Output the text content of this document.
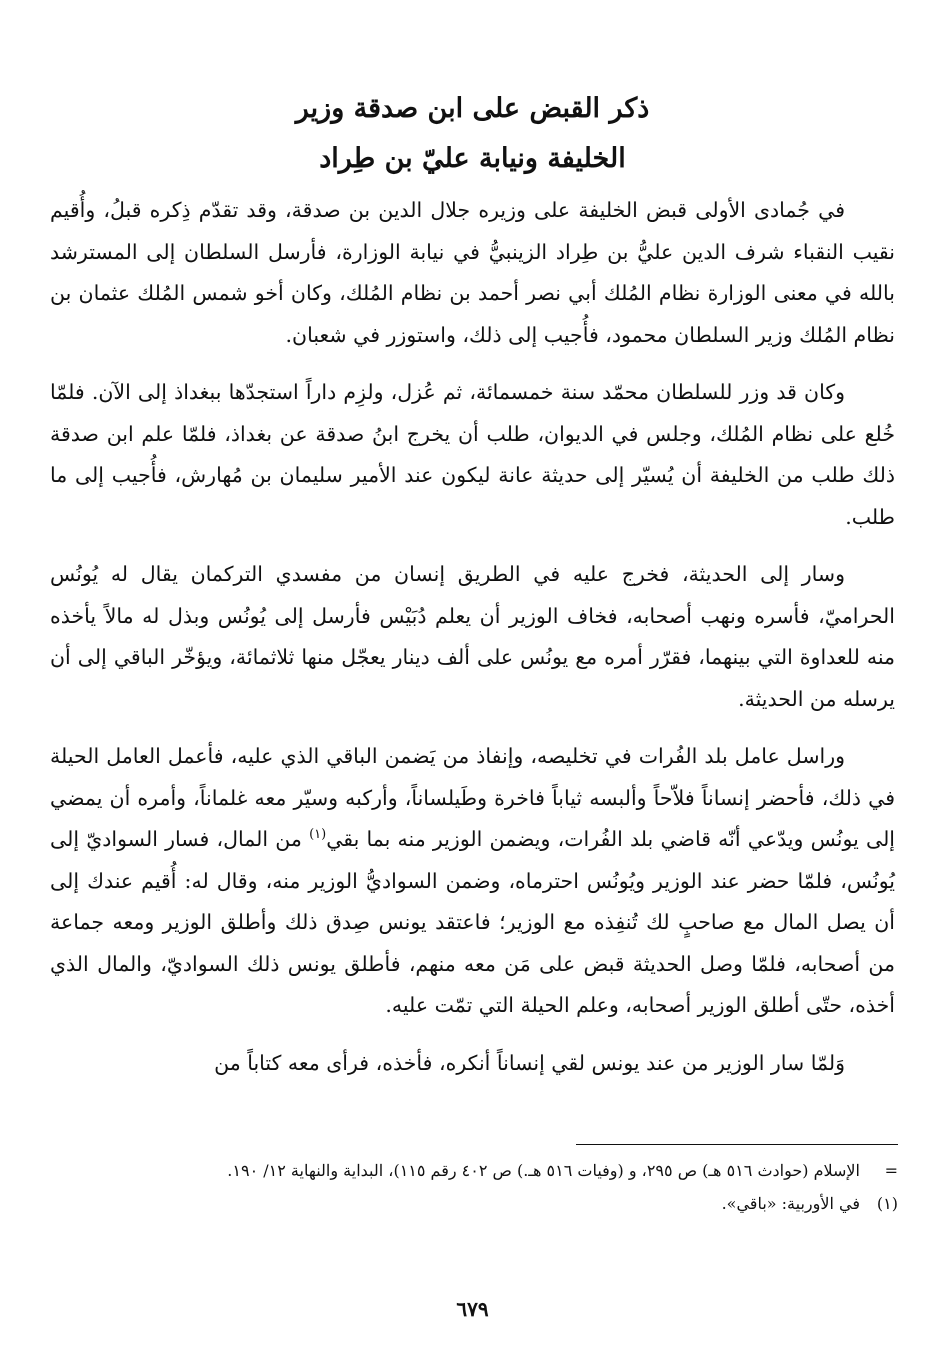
ذكر القبض على ابن صدقة وزير
الخليفة ونيابة عليّ بن طِراد

في جُمادى الأولى قبض الخليفة على وزيره جلال الدين بن صدقة، وقد تقدّم ذِكره قبلُ، وأُقيم نقيب النقباء شرف الدين عليُّ بن طِراد الزينبيُّ في نيابة الوزارة، فأرسل السلطان إلى المسترشد بالله في معنى الوزارة نظام المُلك أبي نصر أحمد بن نظام المُلك، وكان أخو شمس المُلك عثمان بن نظام المُلك وزير السلطان محمود، فأُجيب إلى ذلك، واستوزر في شعبان.

وكان قد وزر للسلطان محمّد سنة خمسمائة، ثم عُزل، ولزِم داراً استجدّها ببغداذ إلى الآن. فلمّا خُلع على نظام المُلك، وجلس في الديوان، طلب أن يخرج ابنُ صدقة عن بغداذ، فلمّا علم ابن صدقة ذلك طلب من الخليفة أن يُسيّر إلى حديثة عانة ليكون عند الأمير سليمان بن مُهارش، فأُجيب إلى ما طلب.

وسار إلى الحديثة، فخرج عليه في الطريق إنسان من مفسدي التركمان يقال له يُونُس الحراميّ، فأسره ونهب أصحابه، فخاف الوزير أن يعلم دُبَيْس فأرسل إلى يُونُس وبذل له مالاً يأخذه منه للعداوة التي بينهما، فقرّر أمره مع يونُس على ألف دينار يعجّل منها ثلاثمائة، ويؤخّر الباقي إلى أن يرسله من الحديثة.

وراسل عامل بلد الفُرات في تخليصه، وإنفاذ من يَضمن الباقي الذي عليه، فأعمل العامل الحيلة في ذلك، فأحضر إنساناً فلاّحاً وألبسه ثياباً فاخرة وطَيلساناً، وأركبه وسيّر معه غلماناً، وأمره أن يمضي إلى يونُس ويدّعي أنّه قاضي بلد الفُرات، ويضمن الوزير منه بما بقي$^{(١)}$ من المال، فسار السواديّ إلى يُونُس، فلمّا حضر عند الوزير ويُونُس احترماه، وضمن السواديُّ الوزير منه، وقال له: أُقيم عندك إلى أن يصل المال مع صاحبٍ لك تُنفِذه مع الوزير؛ فاعتقد يونس صِدق ذلك وأطلق الوزير ومعه جماعة من أصحابه، فلمّا وصل الحديثة قبض على مَن معه منهم، فأطلق يونس ذلك السواديّ، والمال الذي أخذه، حتّى أطلق الوزير أصحابه، وعلم الحيلة التي تمّت عليه.

وَلمّا سار الوزير من عند يونس لقي إنساناً أنكره، فأخذه، فرأى معه كتاباً من

=
الإسلام (حوادث ٥١٦ هـ) ص ٢٩٥، و (وفيات ٥١٦ هـ.) ص ٤٠٢ رقم ١١٥)، البداية والنهاية ١٢/ ١٩٠.
(١)
في الأوربية: «باقي».
٦٧٩
